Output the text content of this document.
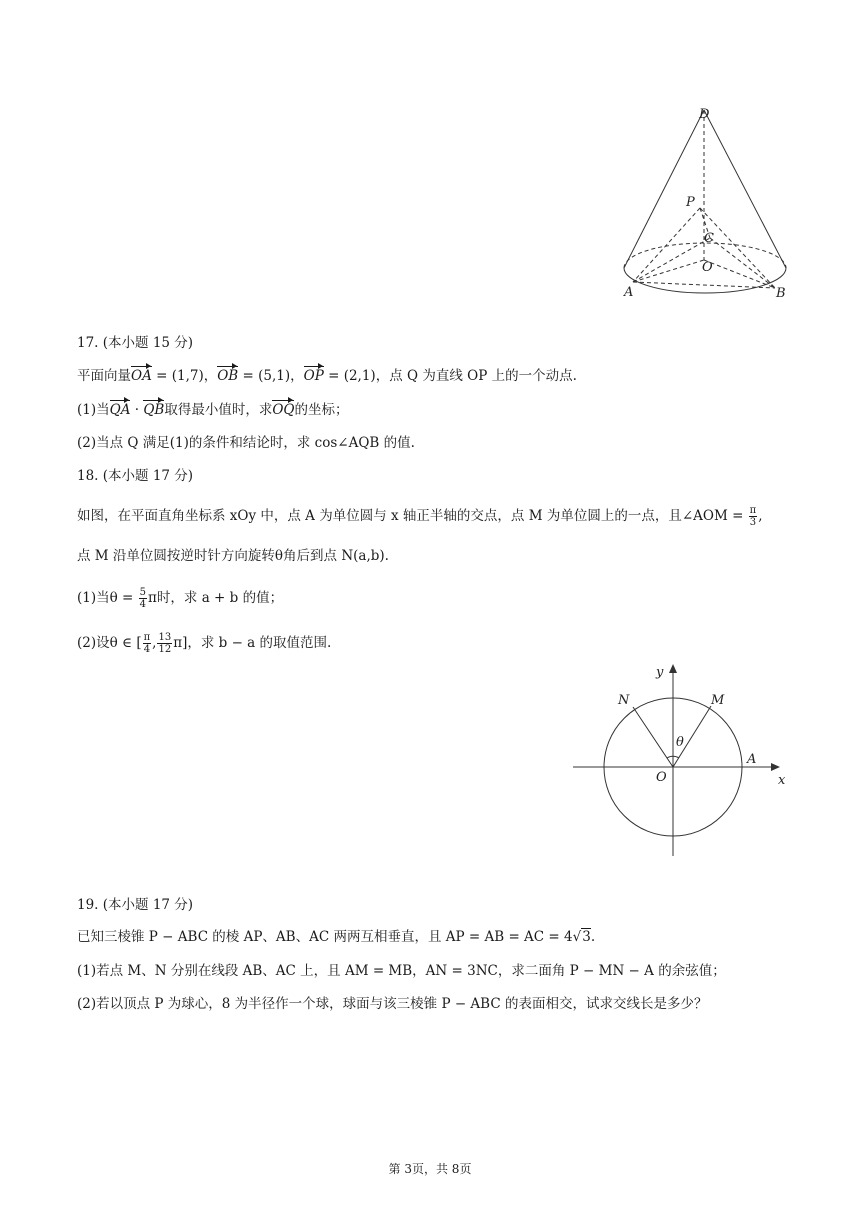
D
P
C
O
A	B
17. (本小题 15 分)
平面向量OA = (1,7)，OB = (5,1)，OP = (2,1)，点 Q 为直线 OP 上的一个动点.
(1)当QA · QB取得最小值时，求OQ的坐标；
(2)当点 Q 满足(1)的条件和结论时，求 cos∠AQB 的值.
18. (本小题 17 分)
如图，在平面直角坐标系 xOy 中，点 A 为单位圆与 x 轴正半轴的交点，点 M 为单位圆上的一点，且∠AOM = $\frac{\pi}{3}$ ,
点 M 沿单位圆按逆时针方向旋转θ角后到点 N(a,b).
(1)当$\theta = \frac{5}{4}$ π时，求 a + b 的值；
(2)设θ ∈ [ $\frac{\pi}{4}$ , $\frac{13}{12} \pi$]，求 b − a 的取值范围.
y
x
N	M
θ
A
O
19. (本小题 17 分)
已知三棱锥 P − ABC 的棱 AP、AB、AC 两两互相垂直，且 AP = AB = AC = 4√3.
(1)若点 M、N 分别在线段 AB、AC 上，且 AM = MB，AN = 3NC，求二面角 P − MN − A 的余弦值；
(2)若以顶点 P 为球心，8 为半径作一个球，球面与该三棱锥 P − ABC 的表面相交，试求交线长是多少？
第 3页，共 8页
